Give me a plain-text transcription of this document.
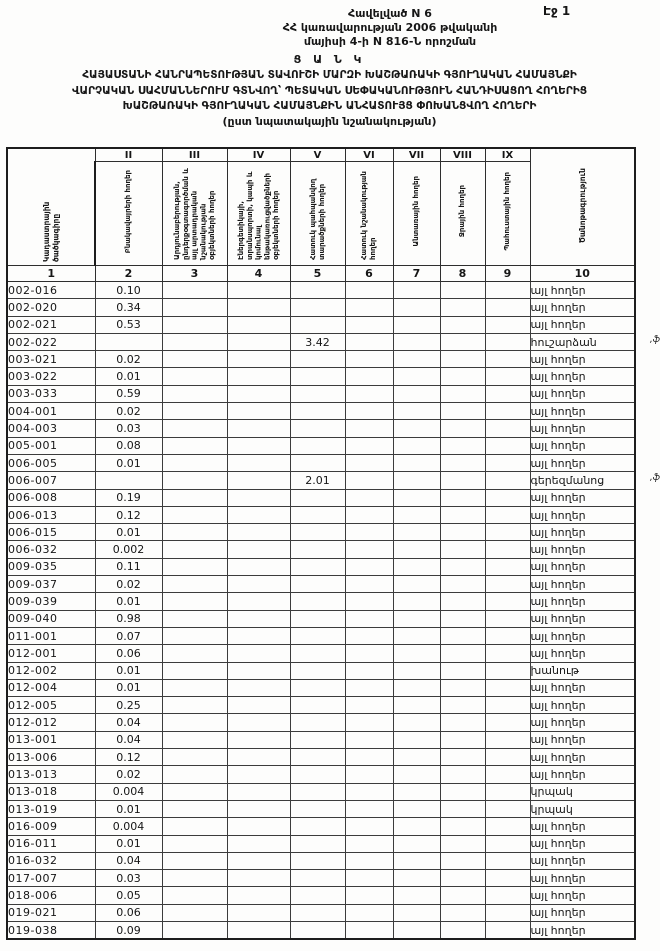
Էջ 1
Հավելված N 6
ՀՀ կառավարության 2006 թվականի
մայիսի 4-ի N 816-Ն որոշման
Ց Ա Ն Կ
ՀԱՅԱՍՏԱՆԻ ՀԱՆՐԱՊԵՏՈՒԹՅԱՆ ՏԱՎՈՒՇԻ ՄԱՐԶԻ ԽԱՇԹԱՌԱԿԻ ԳՅՈՒՂԱԿԱՆ ՀԱՄԱՅՆՔԻ
ՎԱՐՉԱԿԱՆ ՍԱՀՄԱՆՆԵՐՈՒՄ ԳՏՆՎՈՂ՝ ՊԵՏԱԿԱՆ ՍԵՓԱԿԱՆՈՒԹՅՈՒՆ ՀԱՆԴԻՍԱՑՈՂ ՀՈՂԵՐԻՑ
ԽԱՇԹԱՌԱԿԻ ԳՅՈՒՂԱԿԱՆ ՀԱՄԱՅՆՔԻՆ ԱՆՀԱՏՈՒՅՑ ՓՈԽԱՆՑՎՈՂ ՀՈՂԵՐԻ
(ըստ նպատակային նշանակության)
Կադաստրային ծածկագիրը	II	III	IV	V	VI	VII	VIII	IX	Ծանոթագրություն
	Բնակավայրերի հողեր	Արդյունաբերության, ընդերքօգտագործման և այլ արտադրական նշանակության օբյեկտների հողեր	Էներգետիկայի, տրանսպորտի, կապի և կոմունալ ենթակառուցվածքների օբյեկտների հողեր	Հատուկ պահպանվող տարածքների հողեր	Հատուկ նշանակության հողեր	Անտառային հողեր	Ջրային հողեր	Պահուստային հողեր	
1	2	3	4	5	6	7	8	9	10
002-016	0.10								այլ հողեր
002-020	0.34								այլ հողեր
002-021	0.53								այլ հողեր
002-022				3.42					հուշարձան ,ֆ

003-021	0.02								այլ հողեր
003-022	0.01								այլ հողեր
003-033	0.59								այլ հողեր
004-001	0.02								այլ հողեր
004-003	0.03								այլ հողեր
005-001	0.08								այլ հողեր
006-005	0.01								այլ հողեր
006-007				2.01					գերեզմանոց ,ֆ

006-008	0.19								այլ հողեր
006-013	0.12								այլ հողեր
006-015	0.01								այլ հողեր
006-032	0.002								այլ հողեր
009-035	0.11								այլ հողեր
009-037	0.02								այլ հողեր
009-039	0.01								այլ հողեր
009-040	0.98								այլ հողեր
011-001	0.07								այլ հողեր
012-001	0.06								այլ հողեր
012-002	0.01								խանութ
012-004	0.01								այլ հողեր
012-005	0.25								այլ հողեր
012-012	0.04								այլ հողեր
013-001	0.04								այլ հողեր
013-006	0.12								այլ հողեր
013-013	0.02								այլ հողեր
013-018	0.004								կրպակ
013-019	0.01								կրպակ
016-009	0.004								այլ հողեր
016-011	0.01								այլ հողեր
016-032	0.04								այլ հողեր
017-007	0.03								այլ հողեր
018-006	0.05								այլ հողեր
019-021	0.06								այլ հողեր
019-038	0.09								այլ հողեր
